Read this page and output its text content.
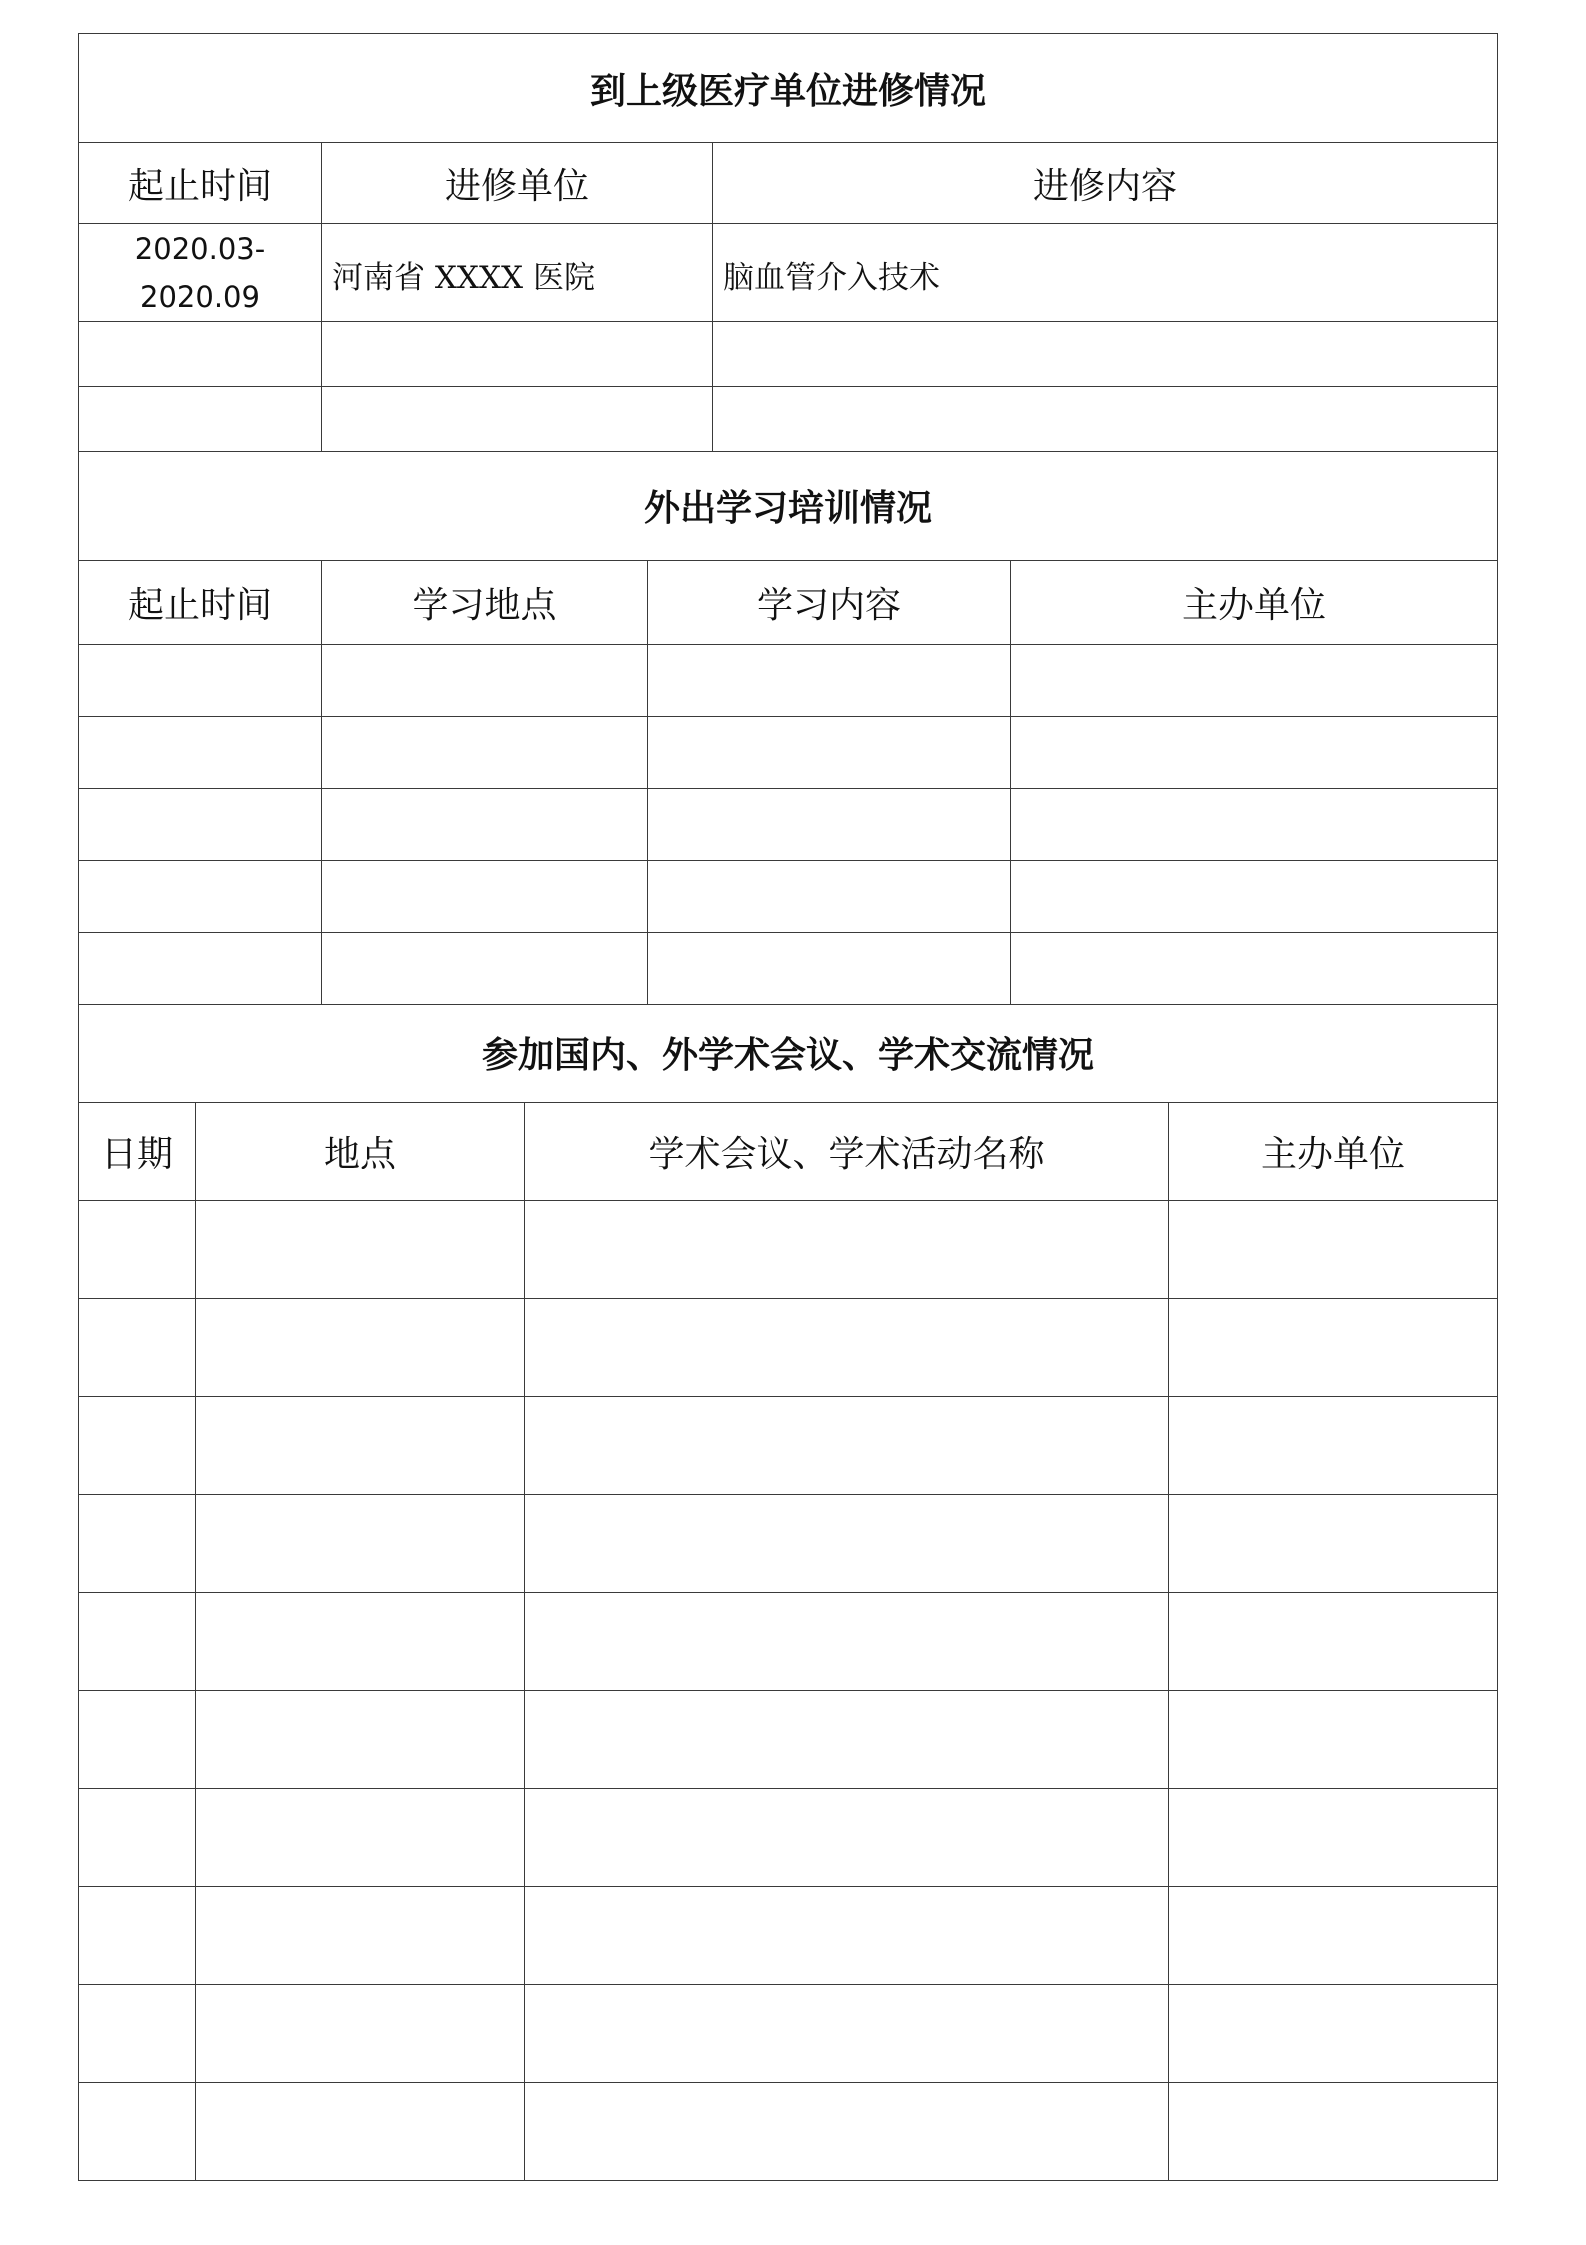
到上级医疗单位进修情况		
起止时间	进修单位	进修内容

2020.03-
2020.09	河南省 XXXX 医院	脑血管介入技术

外出学习培训情况			
起止时间	学习地点	学习内容	主办单位

参加国内、外学术会议、学术交流情况			
日期	地点	学术会议、学术活动名称	主办单位
